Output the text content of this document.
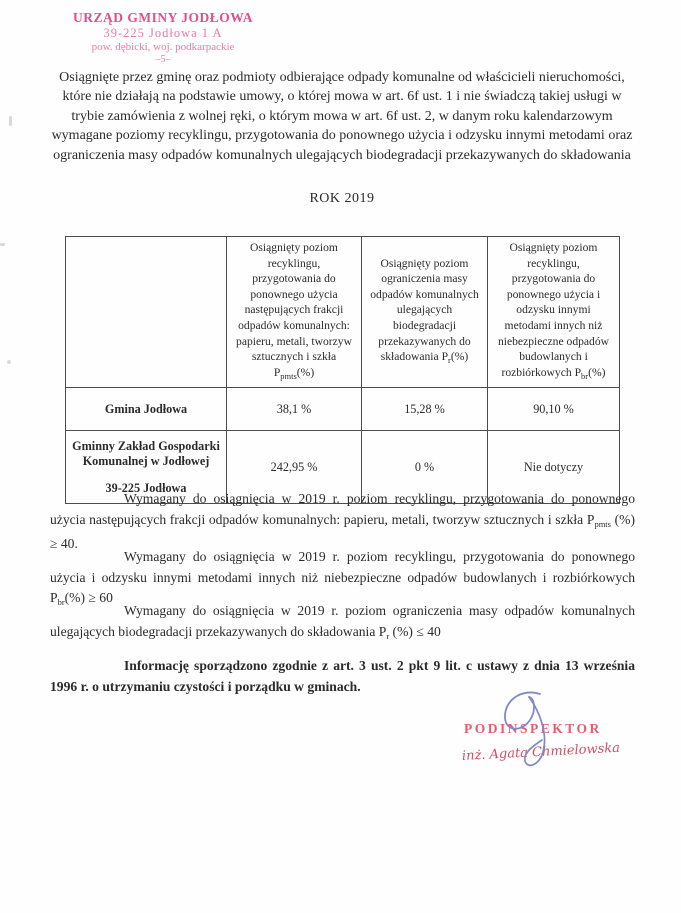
URZĄD GMINY JODŁOWA
39-225 Jodłowa 1 A
pow. dębicki, woj. podkarpackie
–5–
Osiągnięte przez gminę oraz podmioty odbierające odpady komunalne od właścicieli nieruchomości, które nie działają na podstawie umowy, o której mowa w art. 6f ust. 1 i nie świadczą takiej usługi w trybie zamówienia z wolnej ręki, o którym mowa w art. 6f ust. 2, w danym roku kalendarzowym wymagane poziomy recyklingu, przygotowania do ponownego użycia i odzysku innymi metodami oraz ograniczenia masy odpadów komunalnych ulegających biodegradacji przekazywanych do składowania
ROK 2019
	Osiągnięty poziom recyklingu, przygotowania do ponownego użycia następujących frakcji odpadów komunalnych: papieru, metali, tworzyw sztucznych i szkła $P_{pmts}(\%)$	Osiągnięty poziom ograniczenia masy odpadów komunalnych ulegających biodegradacji przekazywanych do składowania $P_r(\%)$	Osiągnięty poziom recyklingu, przygotowania do ponownego użycia i odzysku innymi metodami innych niż niebezpieczne odpadów budowlanych i rozbiórkowych $P_{br}(\%)$

Gmina Jodłowa	38,1 %	15,28 %	90,10 %

Gminny Zakład Gospodarki Komunalnej w Jodłowej
39-225 Jodłowa	242,95 %	0 %	Nie dotyczy
Wymagany do osiągnięcia w 2019 r. poziom recyklingu, przygotowania do ponownego użycia następujących frakcji odpadów komunalnych: papieru, metali, tworzyw sztucznych i szkła $P_{pmts}$ (%) ≥ 40.
Wymagany do osiągnięcia w 2019 r. poziom recyklingu, przygotowania do ponownego użycia i odzysku innymi metodami innych niż niebezpieczne odpadów budowlanych i rozbiórkowych $P_{br}(\%) \ge 60$
Wymagany do osiągnięcia w 2019 r. poziom ograniczenia masy odpadów komunalnych ulegających biodegradacji przekazywanych do składowania $P_r$ (%) ≤ 40
Informację sporządzono zgodnie z art. 3 ust. 2 pkt 9 lit. c ustawy z dnia 13 września 1996 r. o utrzymaniu czystości i porządku w gminach.
PODINSPEKTOR
inż. Agata Chmielowska
